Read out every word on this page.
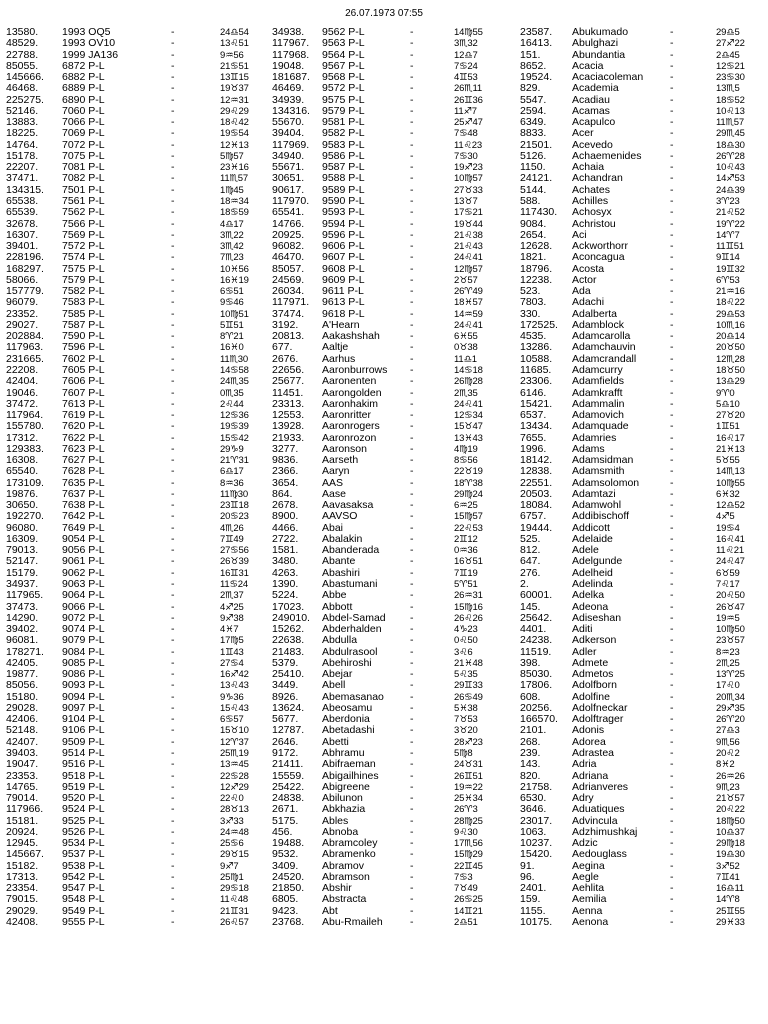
26.07.1973 07:55
13580. 1993 OQ5	-	24♎54 34938. 9562 P-L	-	14♍55
48529. 1993 OV10	-	13♌51 117967. 9563 P-L	-	3♏32
22788. 1999 JA136	-	9♒56	117968. 9564 P-L	-	12♎7
85055. 6872 P-L	-	21♋51 19048. 9567 P-L	-	7♋24
145666. 6882 P-L	-	13♊15 181687. 9568 P-L	-	4♊53
46468. 6889 P-L	-	19♉37 46469. 9572 P-L	-	26♏11
225275. 6890 P-L	-	12♒31 34939. 9575 P-L	-	26♊36
52146. 7060 P-L	-	29♌29 134316. 9579 P-L	-	11♐7
13883. 7066 P-L	-	18♌42 55670. 9581 P-L	-	25♐47
18225. 7069 P-L	-	19♋54 39404. 9582 P-L	-	7♋48
14764. 7072 P-L	-	12♓13 117969. 9583 P-L	-	11♌23
15178. 7075 P-L	-	5♍57	34940. 9586 P-L	-	7♋30
22207. 7081 P-L	-	23♓16 55671. 9587 P-L	-	19♐23
37471. 7082 P-L	-	11♏57 30651. 9588 P-L	-	10♍57
134315. 7501 P-L	-	1♍45	90617. 9589 P-L	-	27♉33
65538. 7561 P-L	-	18♒34 117970. 9590 P-L	-	13♉7
65539. 7562 P-L	-	18♋59 65541. 9593 P-L	-	17♋21
32678. 7566 P-L	-	4♎17	14766. 9594 P-L	-	19♉44
16307. 7569 P-L	-	3♏22	20925. 9596 P-L	-	21♌38
39401. 7572 P-L	-	3♏42	96082. 9606 P-L	-	21♌43
228196. 7574 P-L	-	7♏23	46470. 9607 P-L	-	24♌41
168297. 7575 P-L	-	10♓56 85057. 9608 P-L	-	12♍57
58066. 7579 P-L	-	16♓19 24569. 9609 P-L	-	2♉57
157779. 7582 P-L	-	6♋51	26034. 9611 P-L	-	26♈49
96079. 7583 P-L	-	9♋46	117971. 9613 P-L	-	18♓57
23352. 7585 P-L	-	10♍51 37474. 9618 P-L	-	14♒59
29027. 7587 P-L	-	5♊51	3192. A'Hearn	-	24♌41
202884. 7590 P-L	-	8♈21	20813. Aakashshah	-	6♓55
117963. 7596 P-L	-	16♓0	677.	Aaltje	-	0♉38
231665. 7602 P-L	-	11♏30 2676. Aarhus	-	11♎1
22208. 7605 P-L	-	14♋58 22656. Aaronburrows -	14♋18
42404. 7606 P-L	-	24♏35 25677. Aaronenten	-	26♍28
19046. 7607 P-L	-	0♏35	11451. Aarongolden	-	2♏35
37472. 7613 P-L	-	2♌44	23313. Aaronhakim	-	24♌41
117964. 7619 P-L	-	12♋36 12553. Aaronritter	-	12♋34
155780. 7620 P-L	-	19♋39 13928. Aaronrogers	-	15♉47
17312. 7622 P-L	-	15♋42 21933. Aaronrozon	-	13♓43
129383. 7623 P-L	-	29♑9	3277. Aaronson	-	4♍19
16308. 7627 P-L	-	21♈31 9836. Aarseth	-	8♋56
65540. 7628 P-L	-	6♎17	2366. Aaryn	-	22♉19
173109. 7635 P-L	-	8♒36	3654. AAS	-	18♈38
19876. 7637 P-L	-	11♍30 864.	Aase	-	29♍24
30650. 7638 P-L	-	23♊18 2678. Aavasaksa	-	6♒25
192270. 7642 P-L	-	20♋23 8900. AAVSO	-	15♍57
96080. 7649 P-L	-	4♏26	4466. Abai	-	22♌53
16309. 9054 P-L	-	7♊49	2722. Abalakin	-	2♊12
79013. 9056 P-L	-	27♋56 1581. Abanderada	-	0♒36
52147. 9061 P-L	-	26♉39 3480. Abante	-	16♉51
15179. 9062 P-L	-	16♊31 4263. Abashiri	-	7♊19
34937. 9063 P-L	-	11♋24 1390. Abastumani	-	5♈51
117965. 9064 P-L	-	2♏37	5224. Abbe	-	26♒31
37473. 9066 P-L	-	4♐25	17023. Abbott	-	15♍16
14290. 9072 P-L	-	9♐38	249010. Abdel-Samad -	26♌26
39402. 9074 P-L	-	4♓7	15262. Abderhalden	-	4♑23
96081. 9079 P-L	-	17♍5	22638. Abdulla	-	0♌50
178271. 9084 P-L	-	1♊43	21483. Abdulrasool	-	3♌6
42405. 9085 P-L	-	27♋4	5379. Abehiroshi	-	21♓48
19877. 9086 P-L	-	16♐42 25410. Abejar	-	5♌35
85056. 9093 P-L	-	13♌43 3449. Abell	-	29♊33
15180. 9094 P-L	-	9♑36	8926. Abemasanao -	26♋49
29028. 9097 P-L	-	15♌43 13624. Abeosamu	-	5♓38
42406. 9104 P-L	-	6♋57	5677. Aberdonia	-	7♉53
52148. 9106 P-L	-	15♉10 12787. Abetadashi	-	3♉20
42407. 9509 P-L	-	12♈37 2646. Abetti	-	28♐23
39403. 9514 P-L	-	25♏19 9172. Abhramu	-	5♍8
19047. 9516 P-L	-	13♒45 21411. Abifraeman	-	24♉31
23353. 9518 P-L	-	22♋28 15559. Abigailhines	-	26♊51
14765. 9519 P-L	-	12♐29 25422. Abigreene	-	19♒22
79014. 9520 P-L	-	22♌0	24838. Abilunon	-	25♓34
117966. 9524 P-L	-	28♉13 2671. Abkhazia	-	26♈3
15181. 9525 P-L	-	3♐33	5175. Ables	-	28♍25
20924. 9526 P-L	-	24♒48 456.	Abnoba	-	9♌30
12945. 9534 P-L	-	25♋6	19488. Abramcoley	-	17♏56
145667. 9537 P-L	-	29♉15 9532. Abramenko	-	15♍29
15182. 9538 P-L	-	9♐7	3409. Abramov	-	22♊45
17313. 9542 P-L	-	25♍1	24520. Abramson	-	7♋3
23354. 9547 P-L	-	29♋18 21850. Abshir	-	7♉49
79015. 9548 P-L	-	11♌48 6805. Abstracta	-	26♋25
29029. 9549 P-L	-	21♊31 9423. Abt	-	14♊21
42408. 9555 P-L	-	26♌57 23768. Abu-Rmaileh	-	2♎51
23587. Abukumado	-	29♎5
16413. Abulghazi	-	27♐22
151.	Abundantia	-	2♎45
8652. Acacia	-	12♋21
19524. Acaciacoleman	-	23♋30
829.	Academia	-	13♏5
5547. Acadiau	-	18♋52
2594. Acamas	-	10♌13
6349. Acapulco	-	11♏57
8833. Acer	-	29♏45
21501. Acevedo	-	18♎30
5126. Achaemenides	-	26♈28
1150.	Achaia	-	10♌43
24121. Achandran	-	14♐53
5144. Achates	-	24♎39
588.	Achilles	-	3♈23
117430. Achosyx	-	21♌52
9084. Achristou	-	19♈22
2654. Aci	-	14♈7
12628. Ackworthorr	-	11♊51
1821. Aconcagua	-	9♊14
18796. Acosta	-	19♊32
12238. Actor	-	6♈53
523.	Ada	-	21♒16
7803. Adachi	-	18♌22
330.	Adalberta	-	29♎53
172525. Adamblock	-	10♏16
4535. Adamcarolla	-	20♎14
13286. Adamchauvin	-	20♉50
10588. Adamcrandall	-	12♏28
11685. Adamcurry	-	18♉50
23306. Adamfields	-	13♎29
6146. Adamkrafft	-	9♈0
15421. Adammalin	-	5♎10
6537. Adamovich	-	27♉20
13434. Adamquade	-	1♊51
7655. Adamries	-	16♌17
1996. Adams	-	21♓13
18142. Adamsidman	-	5♉55
12838. Adamsmith	-	14♏13
22551. Adamsolomon	-	10♍55
20503. Adamtazi	-	6♓32
18084. Adamwohl	-	12♎52
6757. Addibischoff	-	4♐5
19444. Addicott	-	19♋4
525.	Adelaide	-	16♌41
812.	Adele	-	11♌21
647.	Adelgunde	-	24♌47
276.	Adelheid	-	6♉59
2.	Adelinda	-	7♌17
60001. Adelka	-	20♌50
145.	Adeona	-	26♉47
25642. Adiseshan	-	19♒5
4401. Aditi	-	10♍50
24238. Adkerson	-	23♉57
11519. Adler	-	8♒23
398.	Admete	-	2♏25
85030. Admetos	-	13♈25
17806. Adolfborn	-	17♌0
608.	Adolfine	-	20♏34
20256. Adolfneckar	-	29♐35
166570. Adolftrager	-	26♈20
2101. Adonis	-	27♎3
268.	Adorea	-	9♏56
239.	Adrastea	-	20♌2
143.	Adria	-	8♓2
820.	Adriana	-	26♒26
21758. Adrianveres	-	9♏23
6530. Adry	-	21♉57
3646. Aduatiques	-	20♌22
23017. Advincula	-	18♍50
1063. Adzhimushkaj	-	10♎37
10237. Adzic	-	29♍18
15420. Aedouglass	-	19♎30
91.	Aegina	-	3♐52
96.	Aegle	-	7♊41
2401. Aehlita	-	16♎11
159.	Aemilia	-	14♈8
1155.	Aenna	-	25♊55
10175. Aenona	-	29♓33
